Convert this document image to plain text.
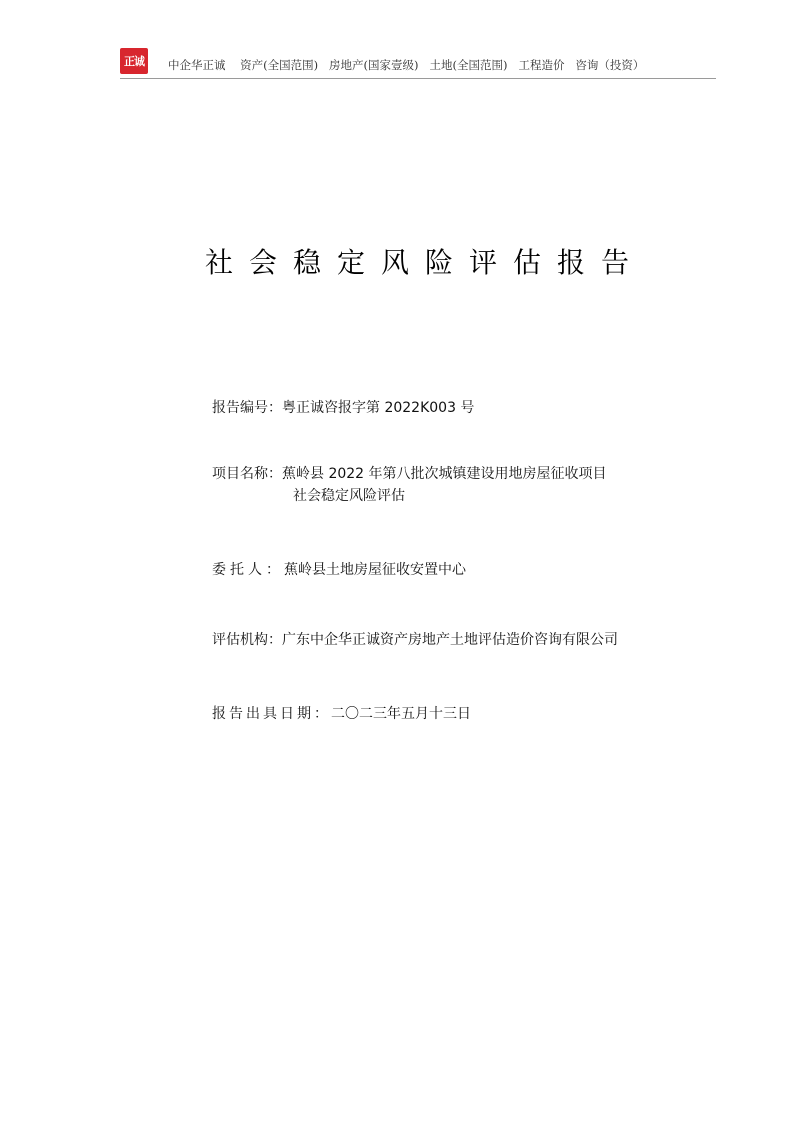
正诚	中企华正诚    资产(全国范围)   房地产(国家壹级)   土地(全国范围)   工程造价   咨询（投资）
社会稳定风险评估报告
报告编号：粤正诚咨报字第 2022K003 号
项目名称：蕉岭县 2022 年第八批次城镇建设用地房屋征收项目
社会稳定风险评估
委托人：蕉岭县土地房屋征收安置中心
评估机构：广东中企华正诚资产房地产土地评估造价咨询有限公司
报告出具日期：二〇二三年五月十三日
